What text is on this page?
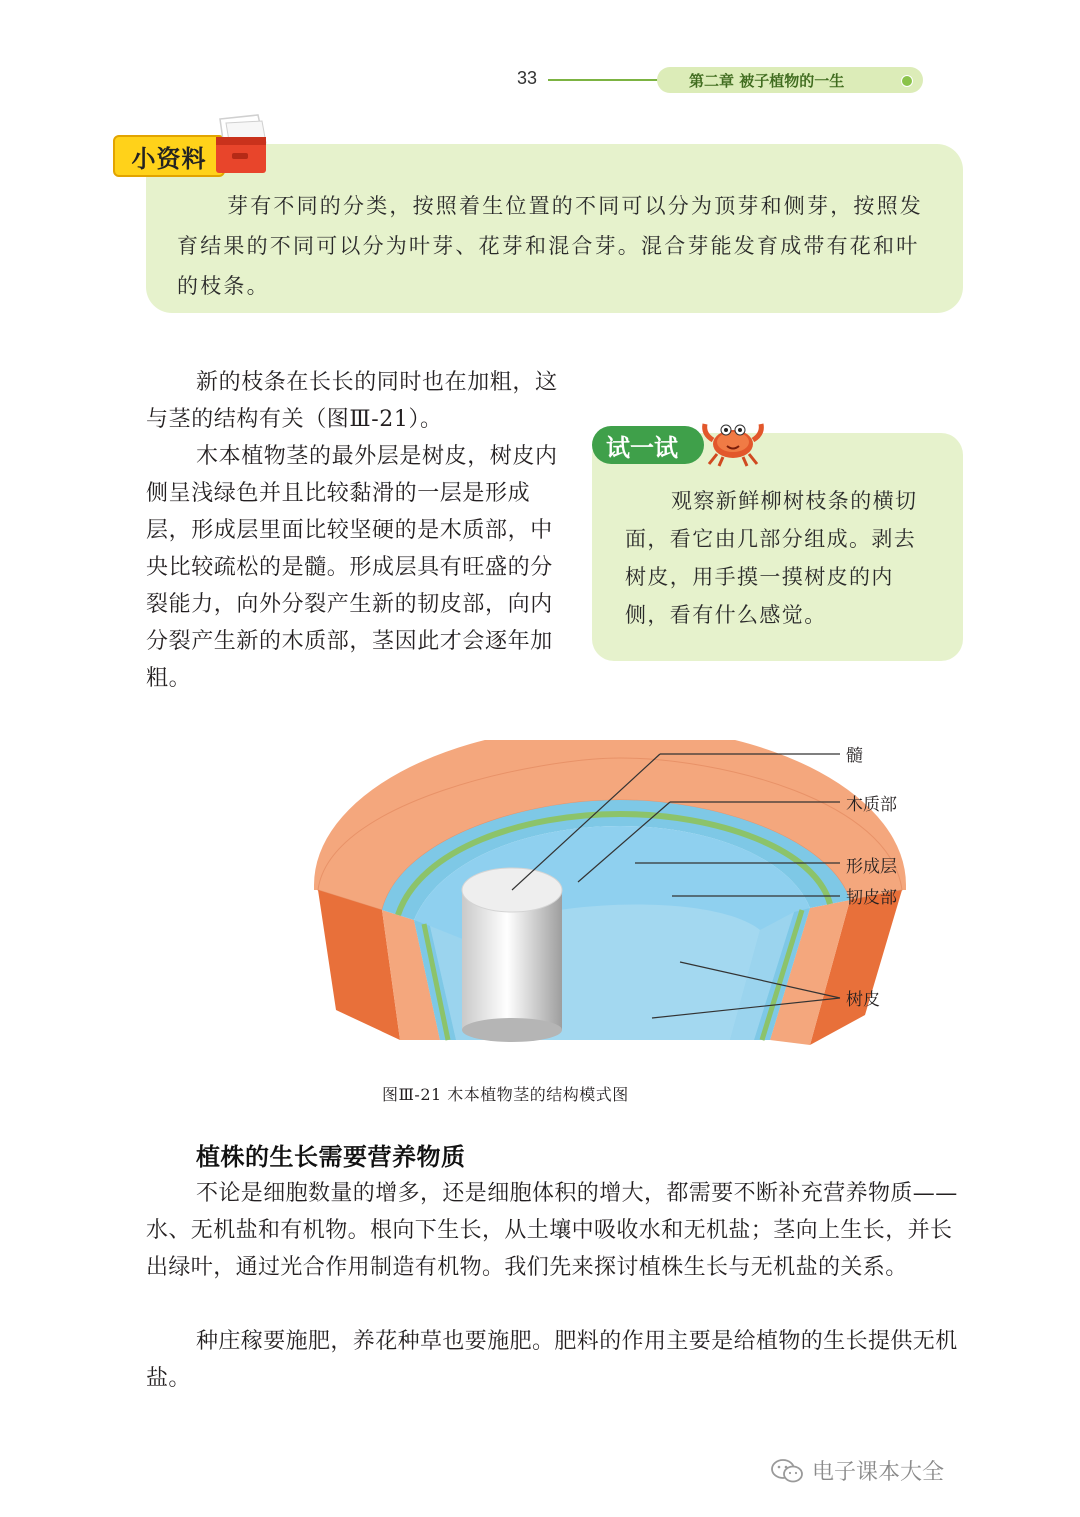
33	第二章 被子植物的一生
芽有不同的分类，按照着生位置的不同可以分为顶芽和侧芽，按照发育结果的不同可以分为叶芽、花芽和混合芽。混合芽能发育成带有花和叶的枝条。
小资料
新的枝条在长长的同时也在加粗，这与茎的结构有关（图Ⅲ-21）。
木本植物茎的最外层是树皮，树皮内侧呈浅绿色并且比较黏滑的一层是形成层，形成层里面比较坚硬的是木质部，中央比较疏松的是髓。形成层具有旺盛的分裂能力，向外分裂产生新的韧皮部，向内分裂产生新的木质部，茎因此才会逐年加粗。
试一试
观察新鲜柳树枝条的横切面，看它由几部分组成。剥去树皮，用手摸一摸树皮的内侧，看有什么感觉。
髓
木质部
形成层
韧皮部
树皮
图Ⅲ-21 木本植物茎的结构模式图
植株的生长需要营养物质
不论是细胞数量的增多，还是细胞体积的增大，都需要不断补充营养物质——水、无机盐和有机物。根向下生长，从土壤中吸收水和无机盐；茎向上生长，并长出绿叶，通过光合作用制造有机物。我们先来探讨植株生长与无机盐的关系。
种庄稼要施肥，养花种草也要施肥。肥料的作用主要是给植物的生长提供无机盐。
电子课本大全
